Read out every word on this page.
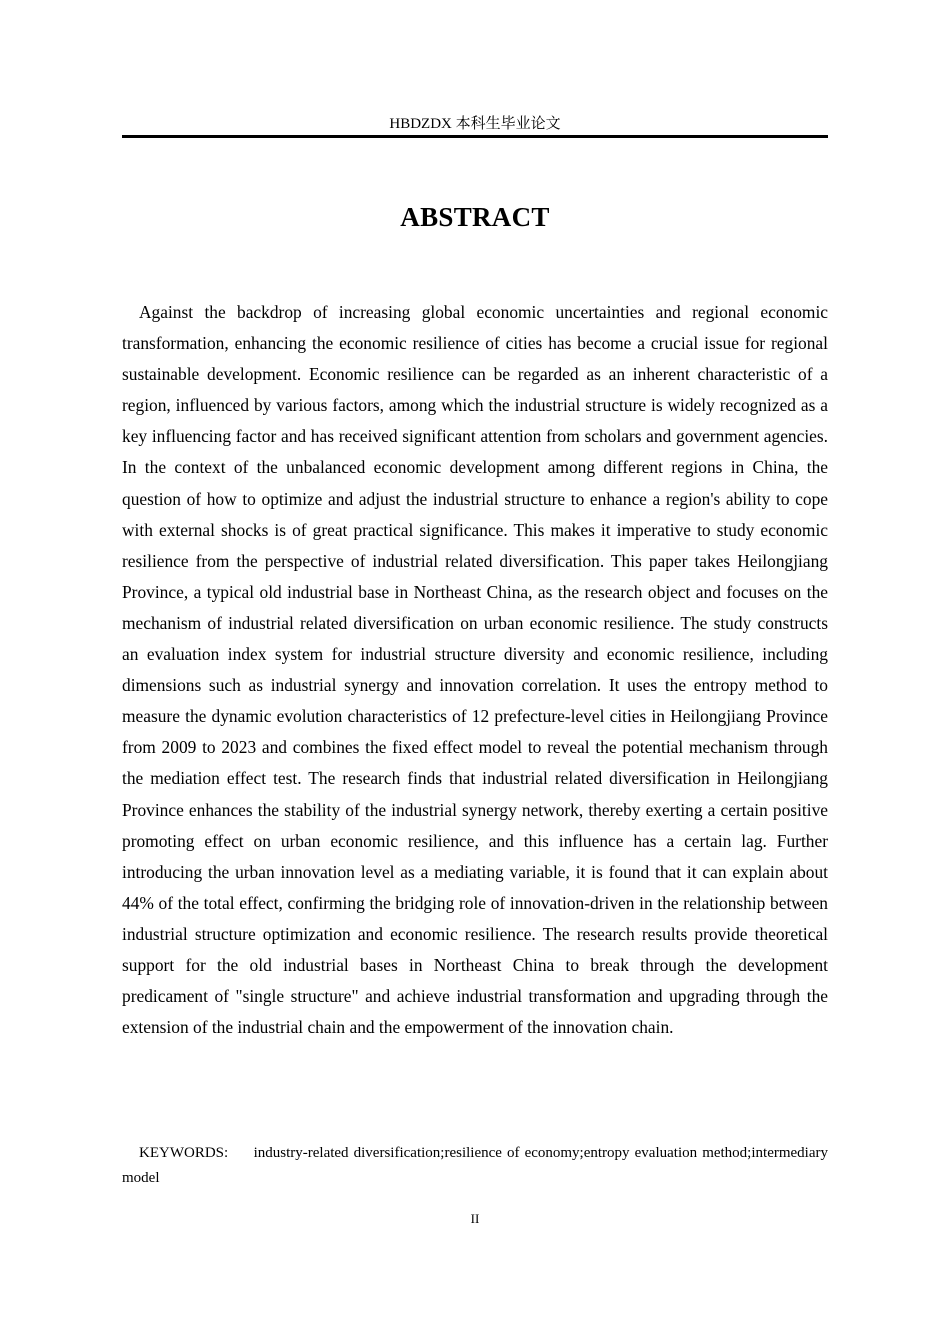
HBDZDX 本科生毕业论文
ABSTRACT

Against the backdrop of increasing global economic uncertainties and regional economic transformation, enhancing the economic resilience of cities has become a crucial issue for regional sustainable development. Economic resilience can be regarded as an inherent characteristic of a region, influenced by various factors, among which the industrial structure is widely recognized as a key influencing factor and has received significant attention from scholars and government agencies. In the context of the unbalanced economic development among different regions in China, the question of how to optimize and adjust the industrial structure to enhance a region's ability to cope with external shocks is of great practical significance. This makes it imperative to study economic resilience from the perspective of industrial related diversification. This paper takes Heilongjiang Province, a typical old industrial base in Northeast China, as the research object and focuses on the mechanism of industrial related diversification on urban economic resilience. The study constructs an evaluation index system for industrial structure diversity and economic resilience, including dimensions such as industrial synergy and innovation correlation. It uses the entropy method to measure the dynamic evolution characteristics of 12 prefecture-level cities in Heilongjiang Province from 2009 to 2023 and combines the fixed effect model to reveal the potential mechanism through the mediation effect test. The research finds that industrial related diversification in Heilongjiang Province enhances the stability of the industrial synergy network, thereby exerting a certain positive promoting effect on urban economic resilience, and this influence has a certain lag. Further introducing the urban innovation level as a mediating variable, it is found that it can explain about 44% of the total effect, confirming the bridging role of innovation-driven in the relationship between industrial structure optimization and economic resilience. The research results provide theoretical support for the old industrial bases in Northeast China to break through the development predicament of "single structure" and achieve industrial transformation and upgrading through the extension of the industrial chain and the empowerment of the innovation chain.

KEYWORDS: industry-related diversification;resilience of economy;entropy evaluation method;intermediary model

II
